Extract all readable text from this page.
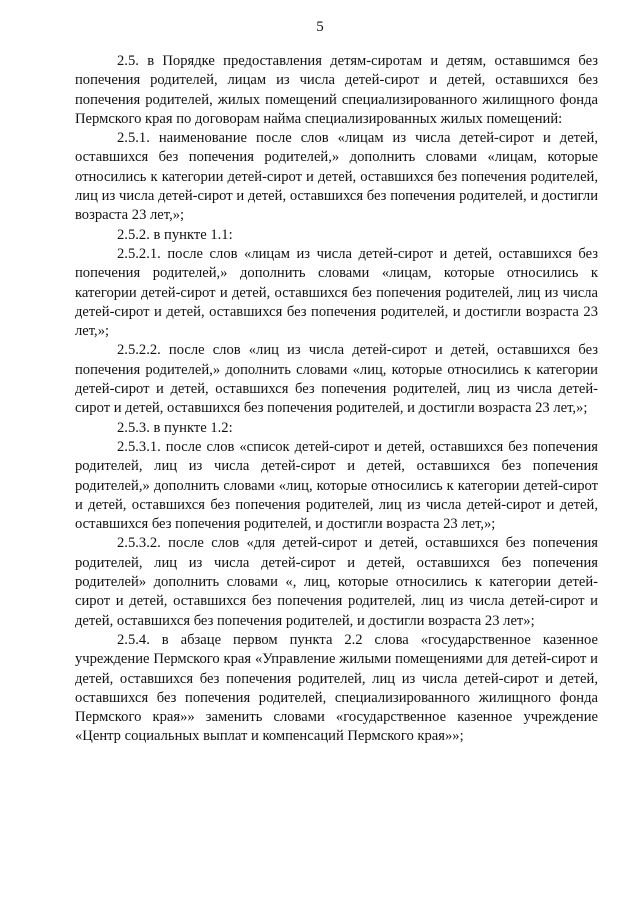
5

2.5. в Порядке предоставления детям-сиротам и детям, оставшимся без попечения родителей, лицам из числа детей-сирот и детей, оставшихся без попечения родителей, жилых помещений специализированного жилищного фонда Пермского края по договорам найма специализированных жилых помещений:

2.5.1. наименование после слов «лицам из числа детей-сирот и детей, оставшихся без попечения родителей,» дополнить словами «лицам, которые относились к категории детей-сирот и детей, оставшихся без попечения родителей, лиц из числа детей-сирот и детей, оставшихся без попечения родителей, и достигли возраста 23 лет,»;

2.5.2. в пункте 1.1:

2.5.2.1. после слов «лицам из числа детей-сирот и детей, оставшихся без попечения родителей,» дополнить словами «лицам, которые относились к категории детей-сирот и детей, оставшихся без попечения родителей, лиц из числа детей-сирот и детей, оставшихся без попечения родителей, и достигли возраста 23 лет,»;

2.5.2.2. после слов «лиц из числа детей-сирот и детей, оставшихся без попечения родителей,» дополнить словами «лиц, которые относились к категории детей-сирот и детей, оставшихся без попечения родителей, лиц из числа детей-сирот и детей, оставшихся без попечения родителей, и достигли возраста 23 лет,»;

2.5.3. в пункте 1.2:

2.5.3.1. после слов «список детей-сирот и детей, оставшихся без попечения родителей, лиц из числа детей-сирот и детей, оставшихся без попечения родителей,» дополнить словами «лиц, которые относились к категории детей-сирот и детей, оставшихся без попечения родителей, лиц из числа детей-сирот и детей, оставшихся без попечения родителей, и достигли возраста 23 лет,»;

2.5.3.2. после слов «для детей-сирот и детей, оставшихся без попечения родителей, лиц из числа детей-сирот и детей, оставшихся без попечения родителей» дополнить словами «, лиц, которые относились к категории детей-сирот и детей, оставшихся без попечения родителей, лиц из числа детей-сирот и детей, оставшихся без попечения родителей, и достигли возраста 23 лет»;

2.5.4. в абзаце первом пункта 2.2 слова «государственное казенное учреждение Пермского края «Управление жилыми помещениями для детей-сирот и детей, оставшихся без попечения родителей, лиц из числа детей-сирот и детей, оставшихся без попечения родителей, специализированного жилищного фонда Пермского края»» заменить словами «государственное казенное учреждение «Центр социальных выплат и компенсаций Пермского края»»;
